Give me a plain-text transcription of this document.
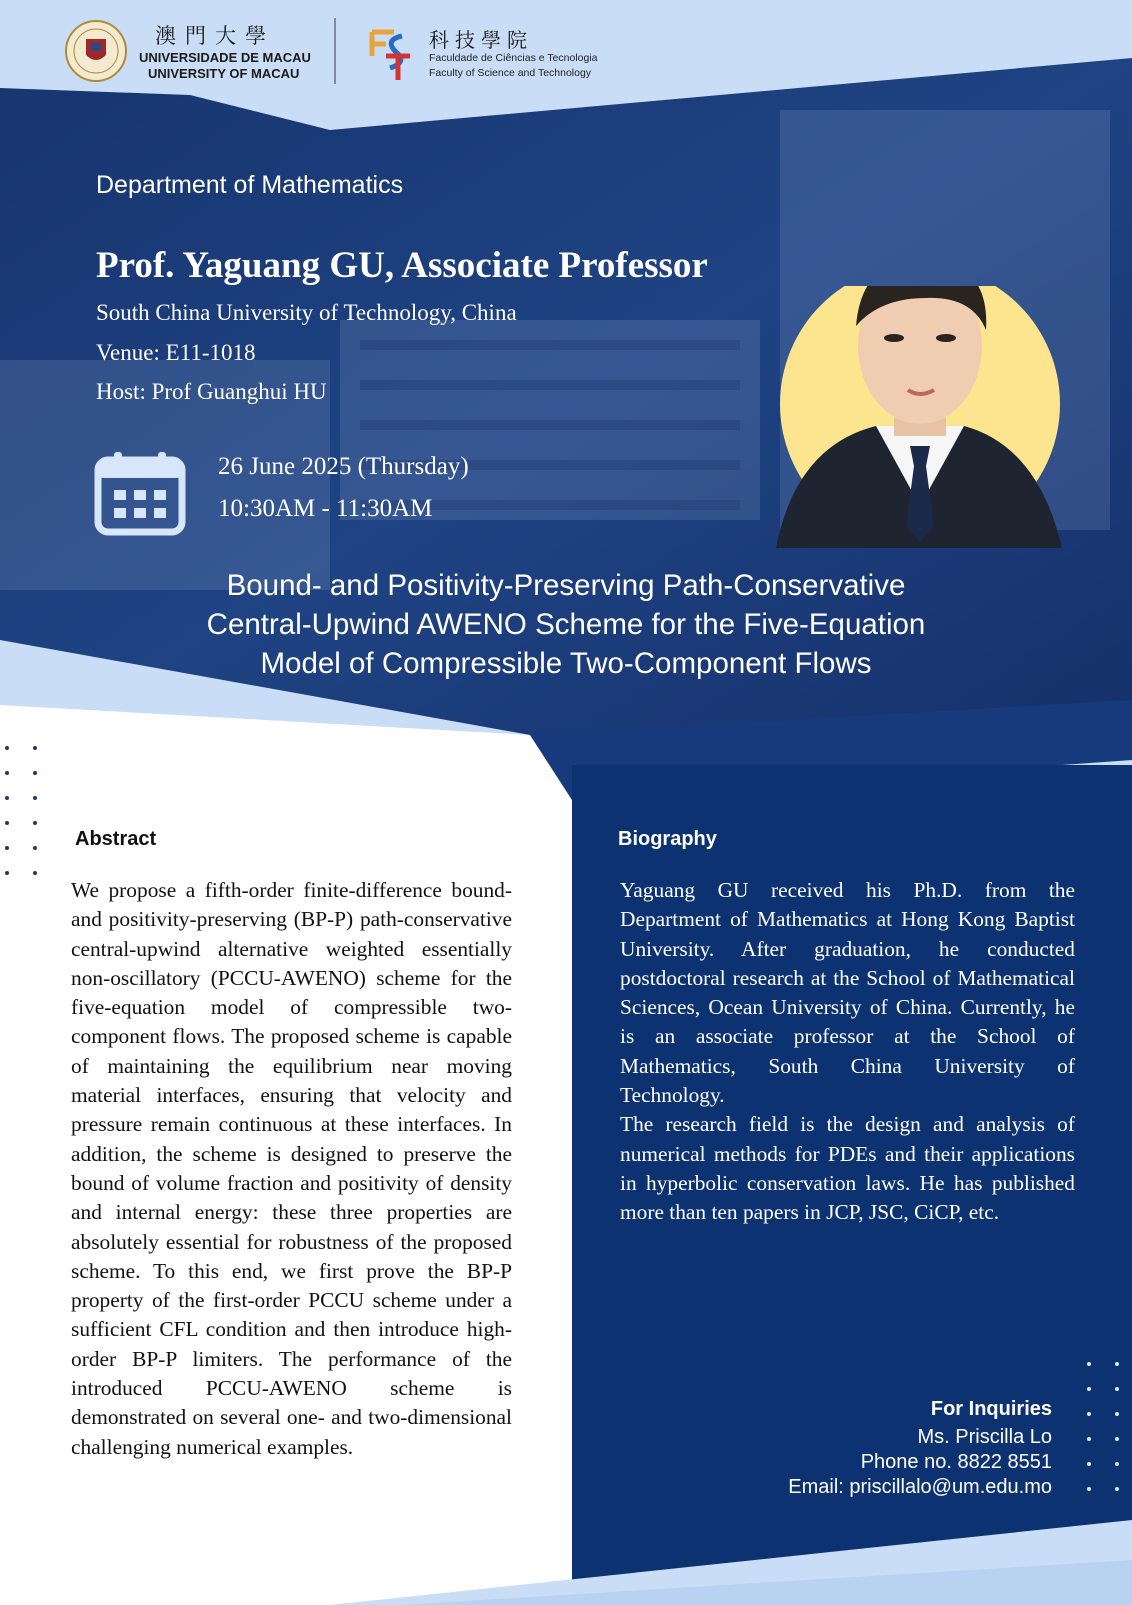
澳門大學
UNIVERSIDADE DE MACAU
UNIVERSITY OF MACAU
科技學院
Faculdade de Ciências e Tecnologia
Faculty of Science and Technology
Department of Mathematics
Prof. Yaguang GU, Associate Professor
South China University of Technology, China
Venue: E11-1018
Host: Prof Guanghui HU
26 June 2025 (Thursday)
10:30AM - 11:30AM
Bound- and Positivity-Preserving Path-Conservative
Central-Upwind AWENO Scheme for the Five-Equation
Model of Compressible Two-Component Flows
Abstract
We propose a fifth-order finite-difference bound- and positivity-preserving (BP-P) path-conservative central-upwind alternative weighted essentially non-oscillatory (PCCU-AWENO) scheme for the five-equation model of compressible two-component flows. The proposed scheme is capable of maintaining the equilibrium near moving material interfaces, ensuring that velocity and pressure remain continuous at these interfaces. In addition, the scheme is designed to preserve the bound of volume fraction and positivity of density and internal energy: these three properties are absolutely essential for robustness of the proposed scheme. To this end, we first prove the BP-P property of the first-order PCCU scheme under a sufficient CFL condition and then introduce high-order BP-P limiters. The performance of the introduced PCCU-AWENO scheme is demonstrated on several one- and two-dimensional challenging numerical examples.
Biography
Yaguang GU received his Ph.D. from the Department of Mathematics at Hong Kong Baptist University. After graduation, he conducted postdoctoral research at the School of Mathematical Sciences, Ocean University of China. Currently, he is an associate professor at the School of Mathematics, South China University of Technology.
The research field is the design and analysis of numerical methods for PDEs and their applications in hyperbolic conservation laws. He has published more than ten papers in JCP, JSC, CiCP, etc.
For Inquiries
Ms. Priscilla Lo
Phone no. 8822 8551
Email: priscillalo@um.edu.mo
